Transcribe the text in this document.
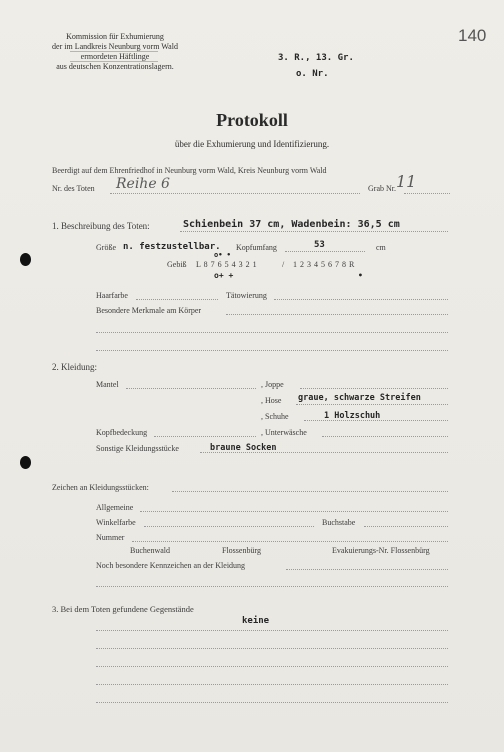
140
Kommission für Exhumierung
der im Landkreis Neunburg vorm Wald
ermordeten Häftlinge
aus deutschen Konzentrationslagern.
3. R., 13. Gr.
o. Nr.
Protokoll
über die Exhumierung und Identifizierung.
Beerdigt auf dem Ehrenfriedhof in Neunburg vorm Wald, Kreis Neunburg vorm Wald
Nr. des Toten Reihe 6	Grab Nr. 11
1. Beschreibung des Toten:	Schienbein 37 cm, Wadenbein: 36,5 cm
Größe n. festzustellbar. Kopfumfang	53	cm
Gebiß
o• •
L 8 7 6 5 4 3 2 1	/ 1 2 3 4 5 6 7 8 R
o+ +	•
Haarfarbe	Tätowierung
Besondere Merkmale am Körper
2. Kleidung:
Mantel	, Joppe
, Hose graue, schwarze Streifen
, Schuhe	1 Holzschuh
Kopfbedeckung	, Unterwäsche
Sonstige Kleidungsstücke	braune Socken
Zeichen an Kleidungsstücken:
Allgemeine
Winkelfarbe	Buchstabe
Nummer
Buchenwald	Flossenbürg	Evakuierungs-Nr. Flossenbürg
Noch besondere Kennzeichen an der Kleidung
3. Bei dem Toten gefundene Gegenstände
keine
